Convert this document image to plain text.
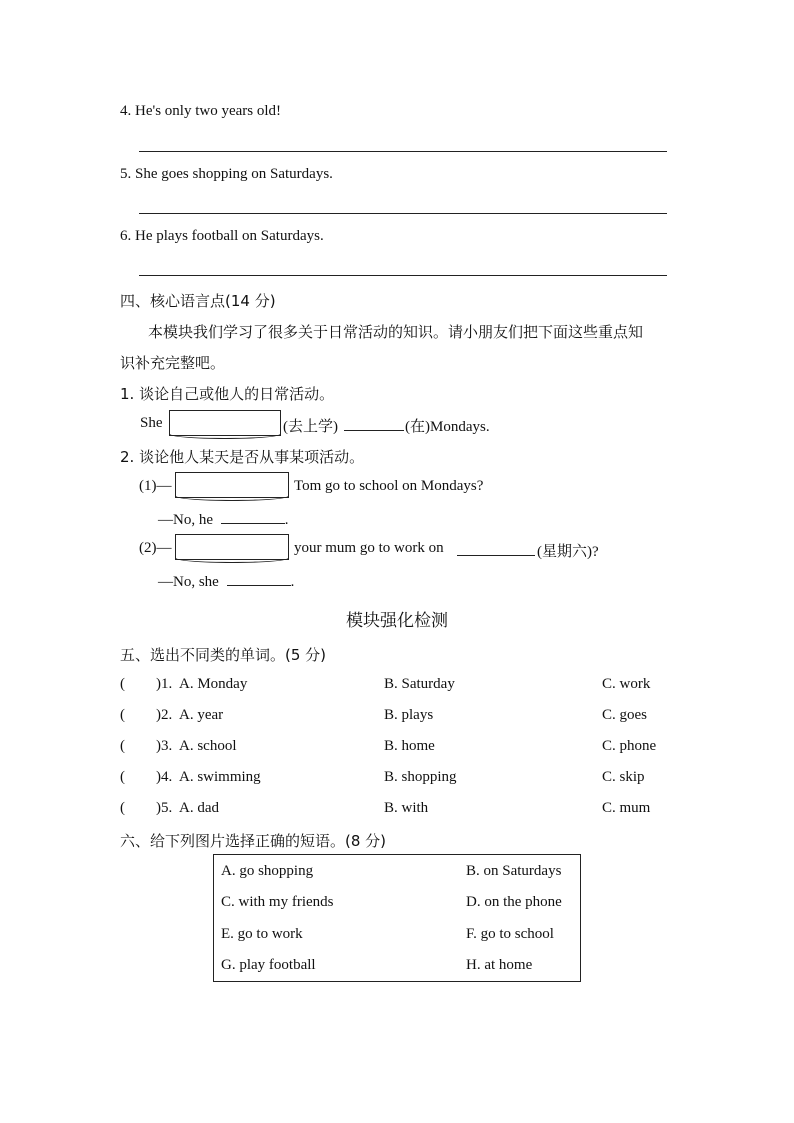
4. He's only two years old!
5. She goes shopping on Saturdays.
6. He plays football on Saturdays.
四、核心语言点(14 分)
本模块我们学习了很多关于日常活动的知识。请小朋友们把下面这些重点知
识补充完整吧。
1. 谈论自己或他人的日常活动。
She	(去上学)	(在)Mondays.
2. 谈论他人某天是否从事某项活动。
(1)—	Tom go to school on Mondays?
—No, he	.
(2)—	your mum go to work on	(星期六)?
—No, she	.
模块强化检测
五、选出不同类的单词。(5 分)
( )1. A. Monday	B. Saturday	C. work
( )2. A. year	B. plays	C. goes
( )3. A. school	B. home	C. phone
( )4. A. swimming	B. shopping	C. skip
( )5. A. dad	B. with	C. mum
六、给下列图片选择正确的短语。(8 分)
A. go shopping	B. on Saturdays
C. with my friends	D. on the phone
E. go to work	F. go to school
G. play football	H. at home
